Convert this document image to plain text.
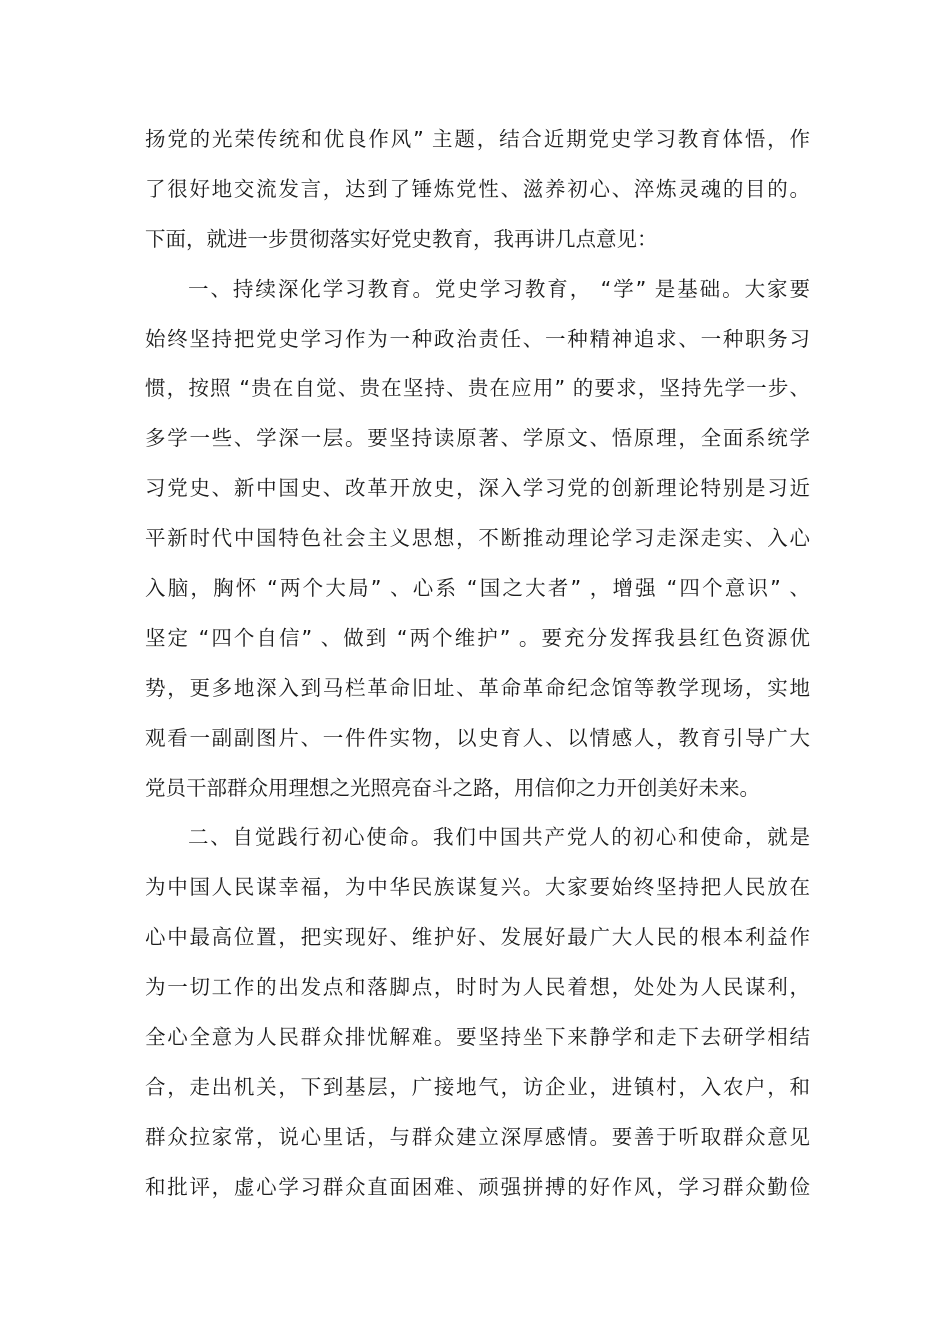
扬党的光荣传统和优良作风” 主题，结合近期党史学习教育体悟，作
了很好地交流发言，达到了锤炼党性、滋养初心、淬炼灵魂的目的。
下面，就进一步贯彻落实好党史教育，我再讲几点意见：
一、持续深化学习教育。党史学习教育， “学” 是基础。大家要
始终坚持把党史学习作为一种政治责任、一种精神追求、一种职务习
惯，按照 “贵在自觉、贵在坚持、贵在应用” 的要求，坚持先学一步、
多学一些、学深一层。要坚持读原著、学原文、悟原理，全面系统学
习党史、新中国史、改革开放史，深入学习党的创新理论特别是习近
平新时代中国特色社会主义思想，不断推动理论学习走深走实、入心
入脑，胸怀 “两个大局” 、心系 “国之大者” ，增强 “四个意识” 、
坚定 “四个自信” 、做到 “两个维护” 。要充分发挥我县红色资源优
势，更多地深入到马栏革命旧址、革命革命纪念馆等教学现场，实地
观看一副副图片、一件件实物，以史育人、以情感人，教育引导广大
党员干部群众用理想之光照亮奋斗之路，用信仰之力开创美好未来。
二、自觉践行初心使命。我们中国共产党人的初心和使命，就是
为中国人民谋幸福，为中华民族谋复兴。大家要始终坚持把人民放在
心中最高位置，把实现好、维护好、发展好最广大人民的根本利益作
为一切工作的出发点和落脚点，时时为人民着想，处处为人民谋利，
全心全意为人民群众排忧解难。要坚持坐下来静学和走下去研学相结
合，走出机关，下到基层，广接地气，访企业，进镇村，入农户，和
群众拉家常，说心里话，与群众建立深厚感情。要善于听取群众意见
和批评，虚心学习群众直面困难、顽强拼搏的好作风，学习群众勤俭
